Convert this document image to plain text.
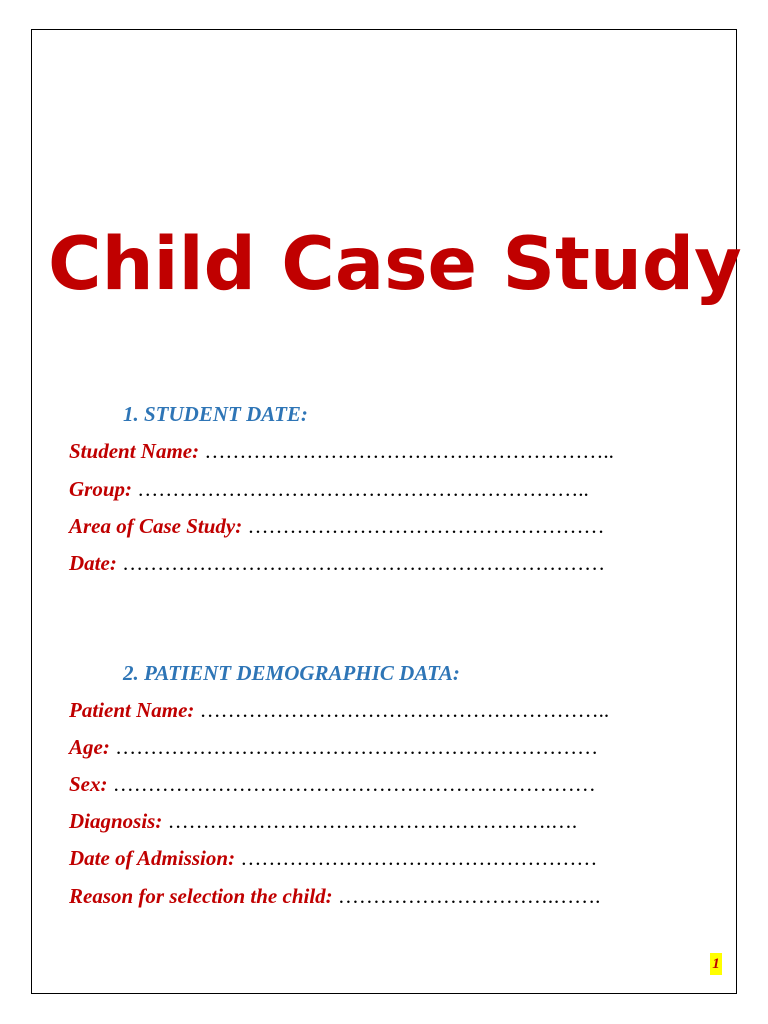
Child Case Study
1. STUDENT DATE:
Student Name: …………………………………………………..
Group: ………………………………………………………..
Area of Case Study: ……………………………………………
Date: ……………………………………………………………
2. PATIENT DEMOGRAPHIC DATA:
Patient Name: …………………………………………………..
Age: ……………………………………………………………
Sex: ……………………………………………………………
Diagnosis: ……………………………………………….….
Date of Admission: ……………………………………………
Reason for selection the child: ………………………….…….
1
